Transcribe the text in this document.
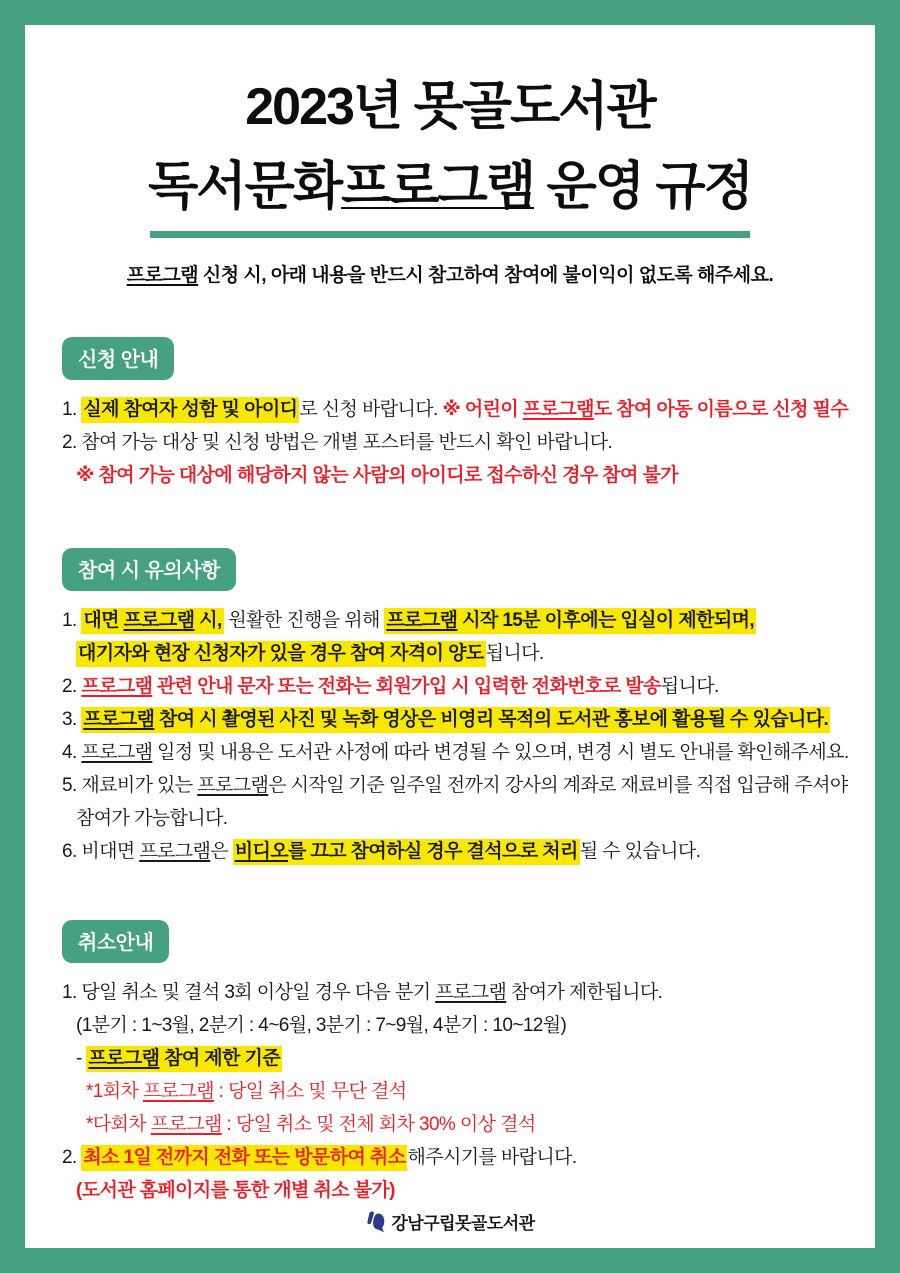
2023년 못골도서관
독서문화프로그램 운영 규정

프로그램 신청 시, 아래 내용을 반드시 참고하여 참여에 불이익이 없도록 해주세요.

신청 안내
1. 실제 참여자 성함 및 아이디 로 신청 바랍니다. ※ 어린이 프로그램도 참여 아동 이름으로 신청 필수
2. 참여 가능 대상 및 신청 방법은 개별 포스터를 반드시 확인 바랍니다.
※ 참여 가능 대상에 해당하지 않는 사람의 아이디로 접수하신 경우 참여 불가
참여 시 유의사항
1. 대면 프로그램 시, 원활한 진행을 위해 프로그램 시작 15분 이후에는 입실이 제한되며,
대기자와 현장 신청자가 있을 경우 참여 자격이 양도 됩니다.
2. 프로그램 관련 안내 문자 또는 전화는 회원가입 시 입력한 전화번호로 발송됩니다.
3. 프로그램 참여 시 촬영된 사진 및 녹화 영상은 비영리 목적의 도서관 홍보에 활용될 수 있습니다.
4. 프로그램 일정 및 내용은 도서관 사정에 따라 변경될 수 있으며, 변경 시 별도 안내를 확인해주세요.
5. 재료비가 있는 프로그램은 시작일 기준 일주일 전까지 강사의 계좌로 재료비를 직접 입금해 주셔야
참여가 가능합니다.
6. 비대면 프로그램은 비디오를 끄고 참여하실 경우 결석으로 처리 될 수 있습니다.
취소안내
1. 당일 취소 및 결석 3회 이상일 경우 다음 분기 프로그램 참여가 제한됩니다.
(1분기 : 1~3월, 2분기 : 4~6월, 3분기 : 7~9월, 4분기 : 10~12월)
- 프로그램 참여 제한 기준
*1회차 프로그램 : 당일 취소 및 무단 결석
*다회차 프로그램 : 당일 취소 및 전체 회차 30% 이상 결석
2. 최소 1일 전까지 전화 또는 방문하여 취소 해주시기를 바랍니다.
(도서관 홈페이지를 통한 개별 취소 불가)
강남구립못골도서관
